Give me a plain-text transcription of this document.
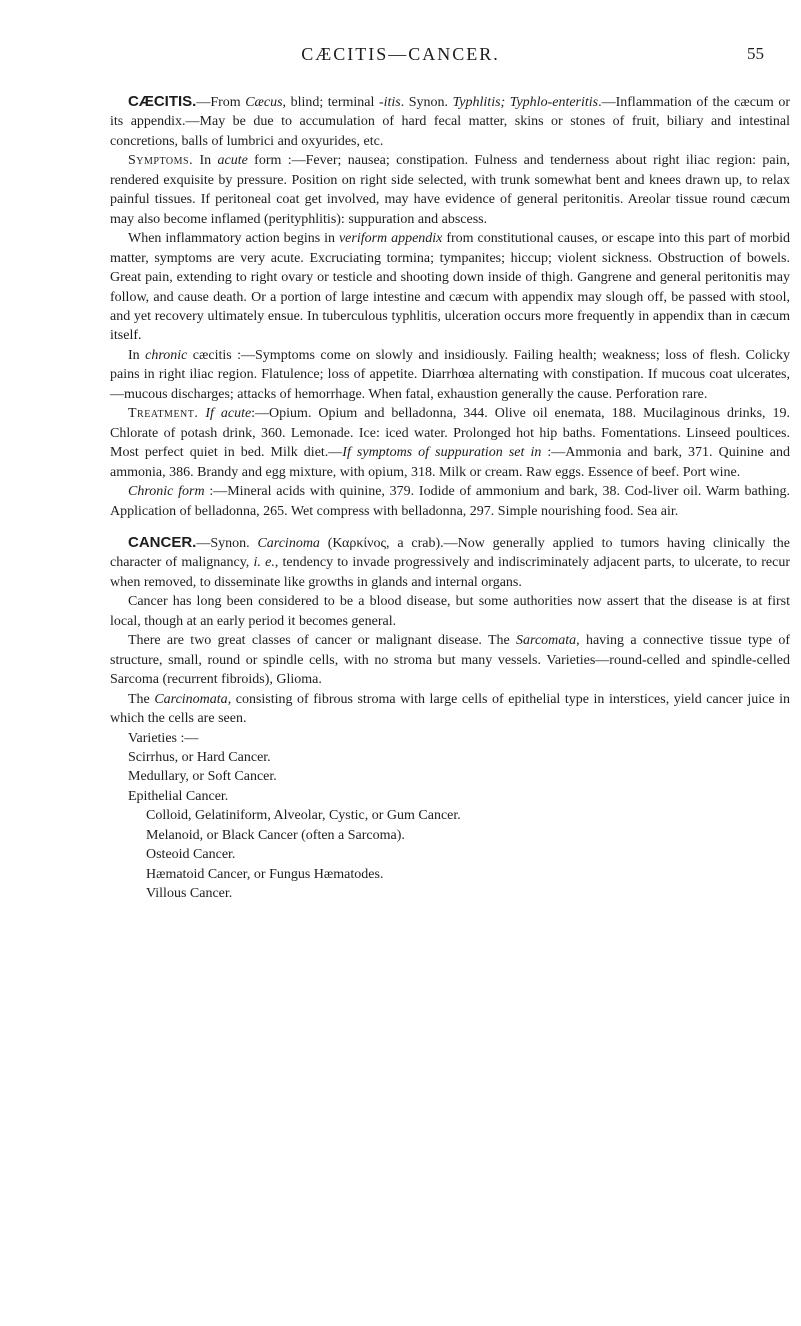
CÆCITIS—CANCER.	55

CÆCITIS.—From Cæcus, blind; terminal -itis. Synon. Typhlitis; Typhlo-enteritis.—Inflammation of the cæcum or its appendix.—May be due to accumulation of hard fecal matter, skins or stones of fruit, biliary and intestinal concretions, balls of lumbrici and oxyurides, etc.

Symptoms. In acute form :—Fever; nausea; constipation. Fulness and tenderness about right iliac region: pain, rendered exquisite by pressure. Position on right side selected, with trunk somewhat bent and knees drawn up, to relax painful tissues. If peritoneal coat get involved, may have evidence of general peritonitis. Areolar tissue round cæcum may also become inflamed (perityphlitis): suppuration and abscess.

When inflammatory action begins in veriform appendix from constitutional causes, or escape into this part of morbid matter, symptoms are very acute. Excruciating tormina; tympanites; hiccup; violent sickness. Obstruction of bowels. Great pain, extending to right ovary or testicle and shooting down inside of thigh. Gangrene and general peritonitis may follow, and cause death. Or a portion of large intestine and cæcum with appendix may slough off, be passed with stool, and yet recovery ultimately ensue. In tuberculous typhlitis, ulceration occurs more frequently in appendix than in cæcum itself.

In chronic cæcitis :—Symptoms come on slowly and insidiously. Failing health; weakness; loss of flesh. Colicky pains in right iliac region. Flatulence; loss of appetite. Diarrhœa alternating with constipation. If mucous coat ulcerates,—mucous discharges; attacks of hemorrhage. When fatal, exhaustion generally the cause. Perforation rare.

Treatment. If acute:—Opium. Opium and belladonna, 344. Olive oil enemata, 188. Mucilaginous drinks, 19. Chlorate of potash drink, 360. Lemonade. Ice: iced water. Prolonged hot hip baths. Fomentations. Linseed poultices. Most perfect quiet in bed. Milk diet.—If symptoms of suppuration set in :—Ammonia and bark, 371. Quinine and ammonia, 386. Brandy and egg mixture, with opium, 318. Milk or cream. Raw eggs. Essence of beef. Port wine.

Chronic form :—Mineral acids with quinine, 379. Iodide of ammonium and bark, 38. Cod-liver oil. Warm bathing. Application of belladonna, 265. Wet compress with belladonna, 297. Simple nourishing food. Sea air.

CANCER.—Synon. Carcinoma (Καρκίνος, a crab).—Now generally applied to tumors having clinically the character of malignancy, i. e., tendency to invade progressively and indiscriminately adjacent parts, to ulcerate, to recur when removed, to disseminate like growths in glands and internal organs.

Cancer has long been considered to be a blood disease, but some authorities now assert that the disease is at first local, though at an early period it becomes general.

There are two great classes of cancer or malignant disease. The Sarcomata, having a connective tissue type of structure, small, round or spindle cells, with no stroma but many vessels. Varieties—round-celled and spindle-celled Sarcoma (recurrent fibroids), Glioma.

The Carcinomata, consisting of fibrous stroma with large cells of epithelial type in interstices, yield cancer juice in which the cells are seen.

Varieties :—

Scirrhus, or Hard Cancer.
Medullary, or Soft Cancer.
Epithelial Cancer.
Colloid, Gelatiniform, Alveolar, Cystic, or Gum Cancer.
Melanoid, or Black Cancer (often a Sarcoma).
Osteoid Cancer.
Hæmatoid Cancer, or Fungus Hæmatodes.
Villous Cancer.
